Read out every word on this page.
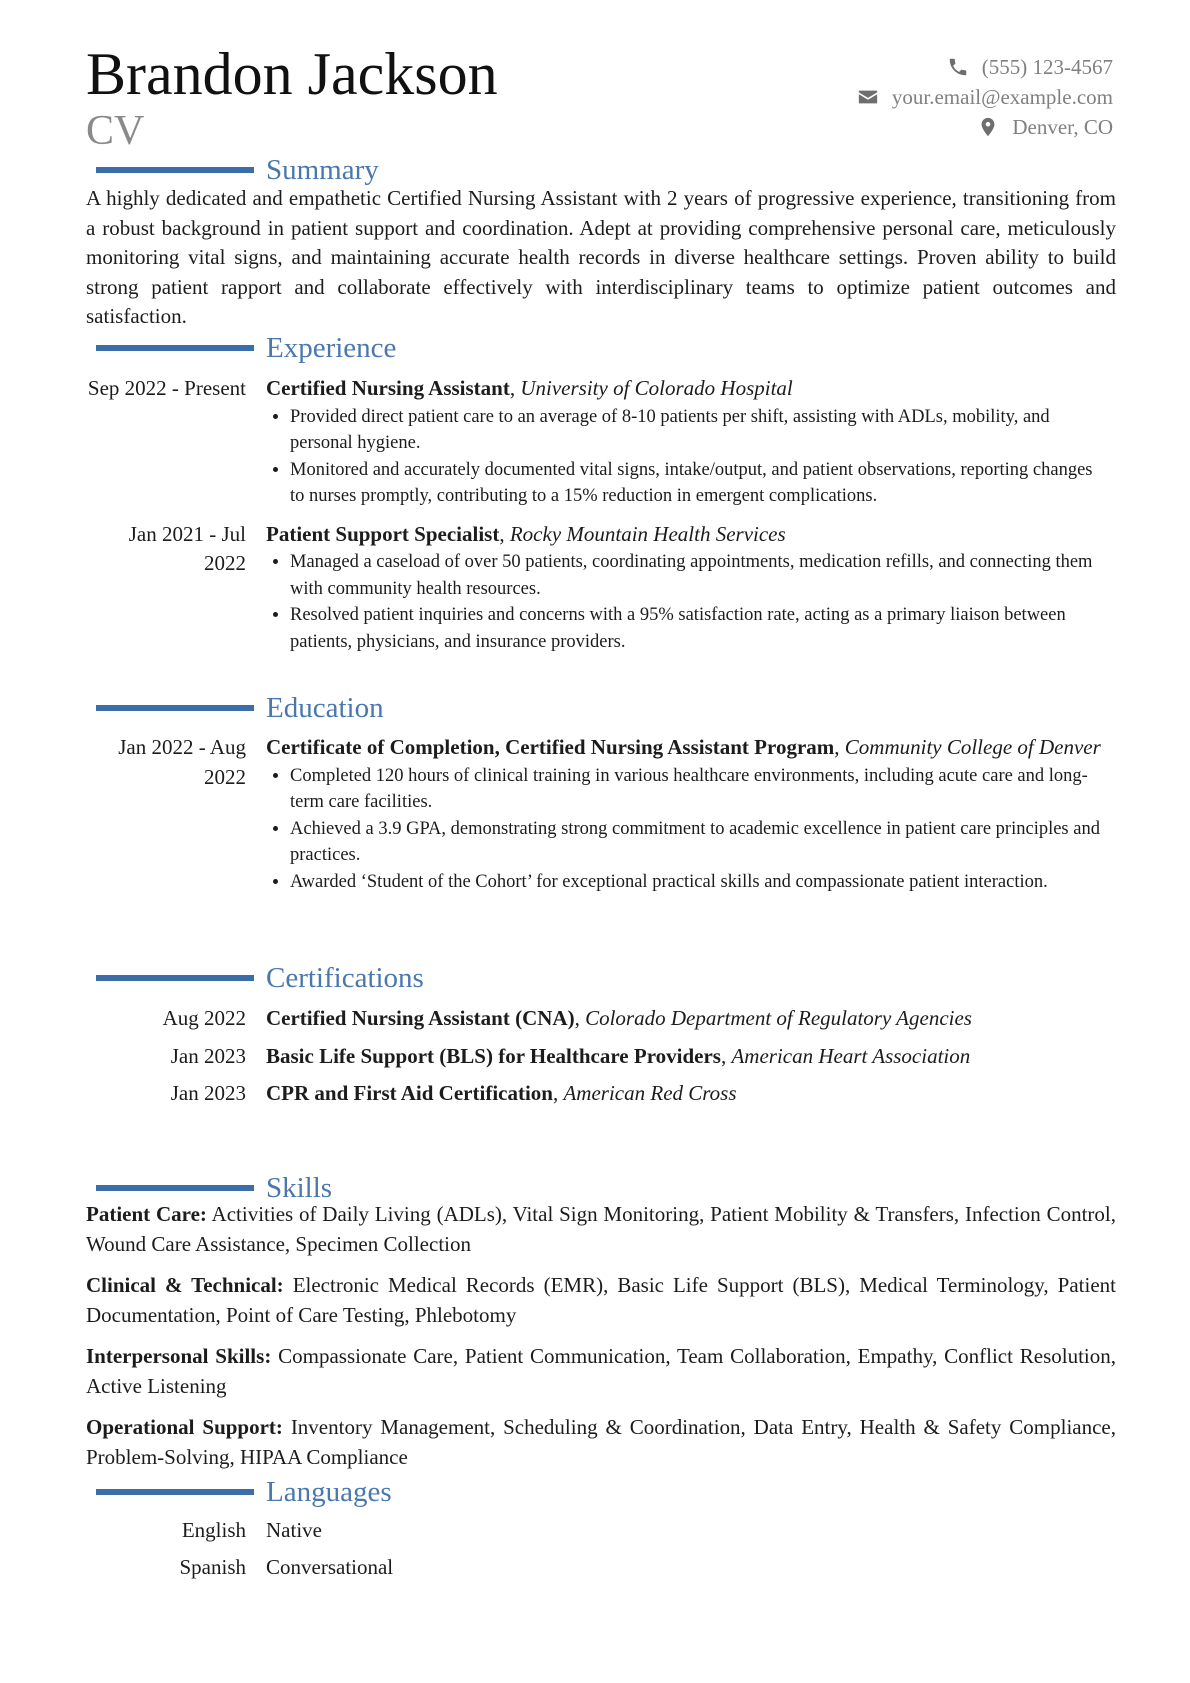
Brandon Jackson
CV
(555) 123-4567
your.email@example.com
Denver, CO
Summary
A highly dedicated and empathetic Certified Nursing Assistant with 2 years of progressive experience, transitioning from a robust background in patient support and coordination. Adept at providing comprehensive personal care, meticulously monitoring vital signs, and maintaining accurate health records in diverse healthcare settings. Proven ability to build strong patient rapport and collaborate effectively with interdisciplinary teams to optimize patient outcomes and satisfaction.
Experience
Sep 2022 - Present Certified Nursing Assistant, University of Colorado Hospital
• Provided direct patient care to an average of 8-10 patients per shift, assisting with ADLs, mobility, and personal hygiene.
• Monitored and accurately documented vital signs, intake/output, and patient observations, reporting changes to nurses promptly, contributing to a 15% reduction in emergent complications.
Jan 2021 - Jul 2022
Patient Support Specialist, Rocky Mountain Health Services
• Managed a caseload of over 50 patients, coordinating appointments, medication refills, and connecting them with community health resources.
• Resolved patient inquiries and concerns with a 95% satisfaction rate, acting as a primary liaison between patients, physicians, and insurance providers.
Education
Jan 2022 - Aug 2022
Certificate of Completion, Certified Nursing Assistant Program, Community College of Denver
• Completed 120 hours of clinical training in various healthcare environments, including acute care and long-term care facilities.
• Achieved a 3.9 GPA, demonstrating strong commitment to academic excellence in patient care principles and practices.
• Awarded ‘Student of the Cohort’ for exceptional practical skills and compassionate patient interaction.
Certifications
Aug 2022 Certified Nursing Assistant (CNA), Colorado Department of Regulatory Agencies
Jan 2023 Basic Life Support (BLS) for Healthcare Providers, American Heart Association
Jan 2023 CPR and First Aid Certification, American Red Cross
Skills
Patient Care: Activities of Daily Living (ADLs), Vital Sign Monitoring, Patient Mobility & Transfers, Infection Control, Wound Care Assistance, Specimen Collection
Clinical & Technical: Electronic Medical Records (EMR), Basic Life Support (BLS), Medical Terminology, Patient Documentation, Point of Care Testing, Phlebotomy
Interpersonal Skills: Compassionate Care, Patient Communication, Team Collaboration, Empathy, Conflict Resolution, Active Listening
Operational Support: Inventory Management, Scheduling & Coordination, Data Entry, Health & Safety Compliance, Problem-Solving, HIPAA Compliance
Languages
English Native
Spanish Conversational
